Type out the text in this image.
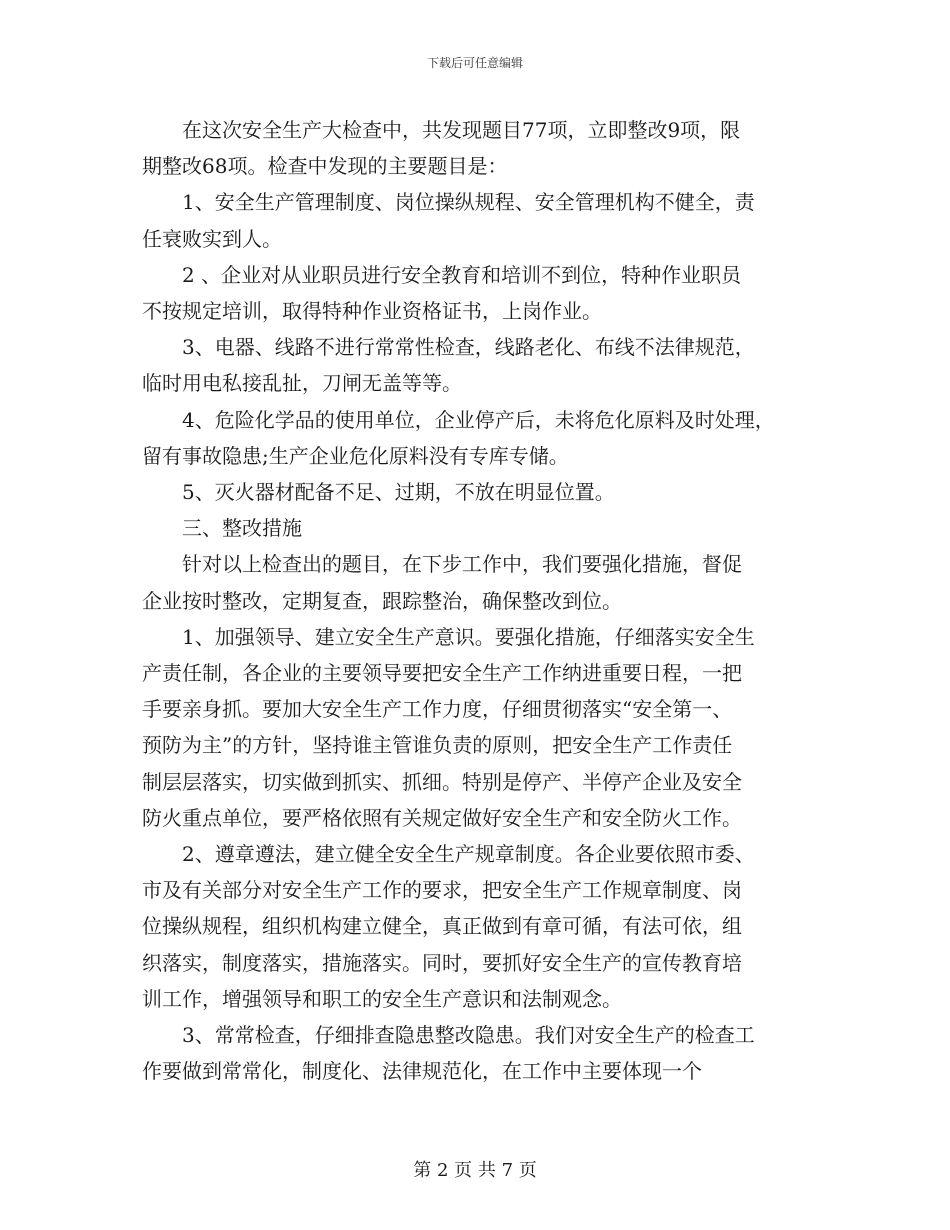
下载后可任意编辑

在这次安全生产大检查中，共发现题目77项，立即整改9项，限
期整改68项。检查中发现的主要题目是：

1、安全生产管理制度、岗位操纵规程、安全管理机构不健全，责
任衰败实到人。

2 、企业对从业职员进行安全教育和培训不到位，特种作业职员
不按规定培训，取得特种作业资格证书，上岗作业。

3、电器、线路不进行常常性检查，线路老化、布线不法律规范，
临时用电私接乱扯，刀闸无盖等等。

4、危险化学品的使用单位，企业停产后，未将危化原料及时处理，
留有事故隐患;生产企业危化原料没有专库专储。

5、灭火器材配备不足、过期，不放在明显位置。

三、整改措施

针对以上检查出的题目，在下步工作中，我们要强化措施，督促
企业按时整改，定期复查，跟踪整治，确保整改到位。

1、加强领导、建立安全生产意识。要强化措施，仔细落实安全生
产责任制，各企业的主要领导要把安全生产工作纳进重要日程，一把
手要亲身抓。要加大安全生产工作力度，仔细贯彻落实“安全第一、
预防为主”的方针，坚持谁主管谁负责的原则，把安全生产工作责任
制层层落实，切实做到抓实、抓细。特别是停产、半停产企业及安全
防火重点单位，要严格依照有关规定做好安全生产和安全防火工作。

2、遵章遵法，建立健全安全生产规章制度。各企业要依照市委、
市及有关部分对安全生产工作的要求，把安全生产工作规章制度、岗
位操纵规程，组织机构建立健全，真正做到有章可循，有法可依，组
织落实，制度落实，措施落实。同时，要抓好安全生产的宣传教育培
训工作，增强领导和职工的安全生产意识和法制观念。

3、常常检查，仔细排查隐患整改隐患。我们对安全生产的检查工
作要做到常常化，制度化、法律规范化，在工作中主要体现一个

第 2 页 共 7 页
